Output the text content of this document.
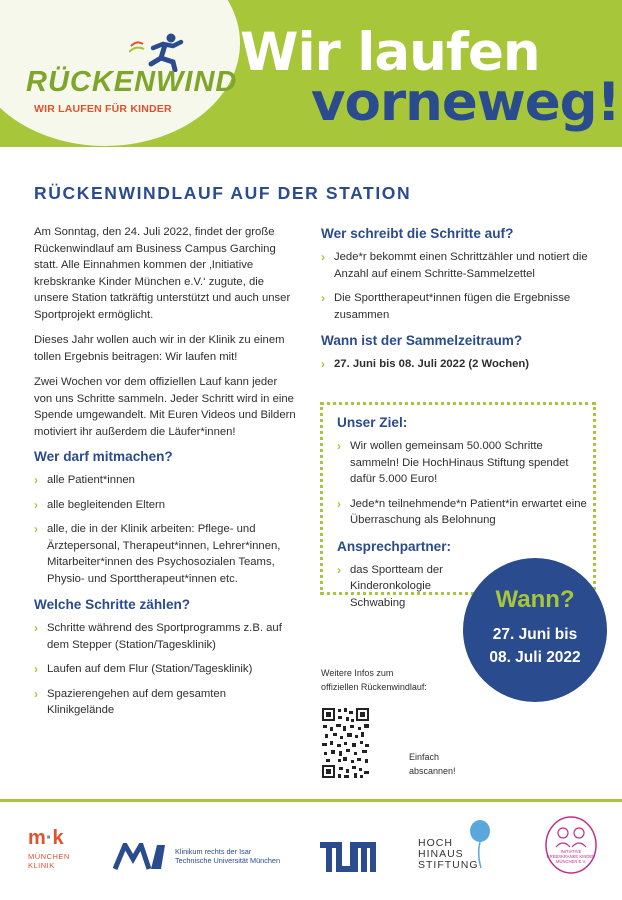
RÜCKENWIND
WIR LAUFEN FÜR KINDER
Wir laufen
vorneweg!
RÜCKENWINDLAUF AUF DER STATION

Am Sonntag, den 24. Juli 2022, findet der große Rückenwindlauf am Business Campus Garching statt. Alle Einnahmen kommen der ‚Initiative krebskranke Kinder München e.V.‘ zugute, die unsere Station tatkräftig unterstützt und auch unser Sportprojekt ermöglicht.

Dieses Jahr wollen auch wir in der Klinik zu einem tollen Ergebnis beitragen: Wir laufen mit!

Zwei Wochen vor dem offiziellen Lauf kann jeder von uns Schritte sammeln. Jeder Schritt wird in eine Spende umgewandelt. Mit Euren Videos und Bildern motiviert ihr außerdem die Läufer*innen!

Wer darf mitmachen?
› alle Patient*innen
› alle begleitenden Eltern
› alle, die in der Klinik arbeiten: Pflege- und Ärztepersonal, Therapeut*innen, Lehrer*innen, Mitarbeiter*innen des Psychosozialen Teams, Physio- und Sporttherapeut*innen etc.
Welche Schritte zählen?
› Schritte während des Sportprogramms z.B. auf dem Stepper (Station/Tagesklinik)
› Laufen auf dem Flur (Station/Tagesklinik)
› Spazierengehen auf dem gesamten Klinikgelände
Wer schreibt die Schritte auf?
› Jede*r bekommt einen Schrittzähler und notiert die Anzahl auf einem Schritte-Sammelzettel
› Die Sporttherapeut*innen fügen die Ergebnisse zusammen
Wann ist der Sammelzeitraum?
› 27. Juni bis 08. Juli 2022 (2 Wochen)
Unser Ziel:
› Wir wollen gemeinsam 50.000 Schritte sammeln! Die HochHinaus Stiftung spendet dafür 5.000 Euro!
› Jede*n teilnehmende*n Patient*in erwartet eine Überraschung als Belohnung
Ansprechpartner:
› das Sportteam der Kinderonkologie Schwabing	Wann?
27. Juni bis
08. Juli 2022
Weitere Infos zum
offiziellen Rückenwindlauf:
Einfach
abscannen!
m·k
MÜNCHEN
KLINIK
Klinikum rechts der Isar
Technische Universität München
HOCH
HINAUS
STIFTUNG
INITIATIVE
KREBSKRANKE KINDER
MÜNCHEN E.V.
